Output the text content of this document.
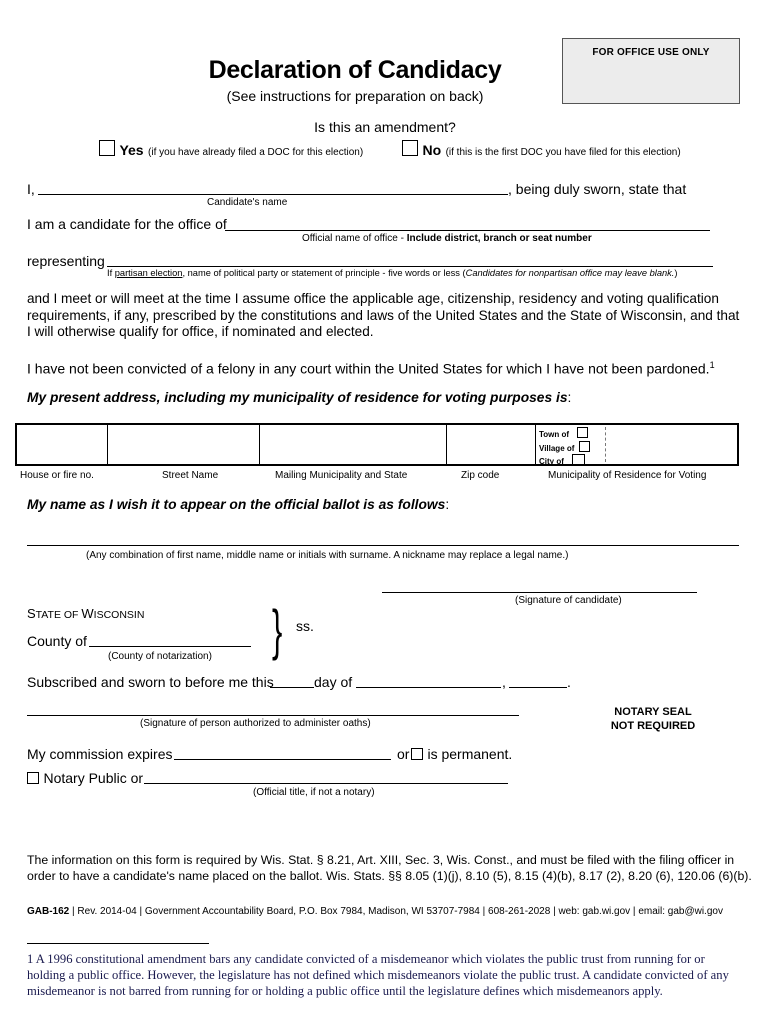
FOR OFFICE USE ONLY
Declaration of Candidacy
(See instructions for preparation on back)
Is this an amendment?
Yes (if you have already filed a DOC for this election)	No (if this is the first DOC you have filed for this election)
I,	, being duly sworn, state that
Candidate's name
I am a candidate for the office of
Official name of office - Include district, branch or seat number
representing
If partisan election, name of political party or statement of principle - five words or less (Candidates for nonpartisan office may leave blank.)
and I meet or will meet at the time I assume office the applicable age, citizenship, residency and voting qualification requirements, if any, prescribed by the constitutions and laws of the United States and the State of Wisconsin, and that I will otherwise qualify for office, if nominated and elected.
I have not been convicted of a felony in any court within the United States for which I have not been pardoned.$^1$
My present address, including my municipality of residence for voting purposes is:
Town of
Village of
City of
House or fire no.	Street Name	Mailing Municipality and State	Zip code	Municipality of Residence for Voting
My name as I wish it to appear on the official ballot is as follows:
(Any combination of first name, middle name or initials with surname. A nickname may replace a legal name.)
(Signature of candidate)
STATE OF WISCONSIN } ss.
County of
(County of notarization)
Subscribed and sworn to before me this	day of	,	.
(Signature of person authorized to administer oaths)
NOTARY SEAL
NOT REQUIRED
My commission expires	or	is permanent.
Notary Public or
(Official title, if not a notary)
The information on this form is required by Wis. Stat. § 8.21, Art. XIII, Sec. 3, Wis. Const., and must be filed with the filing officer in order to have a candidate's name placed on the ballot. Wis. Stats. §§ 8.05 (1)(j), 8.10 (5), 8.15 (4)(b), 8.17 (2), 8.20 (6), 120.06 (6)(b).
GAB-162 | Rev. 2014-04 | Government Accountability Board, P.O. Box 7984, Madison, WI 53707-7984 | 608-261-2028 | web: gab.wi.gov | email: gab@wi.gov
1 A 1996 constitutional amendment bars any candidate convicted of a misdemeanor which violates the public trust from running for or holding a public office. However, the legislature has not defined which misdemeanors violate the public trust. A candidate convicted of any misdemeanor is not barred from running for or holding a public office until the legislature defines which misdemeanors apply.
